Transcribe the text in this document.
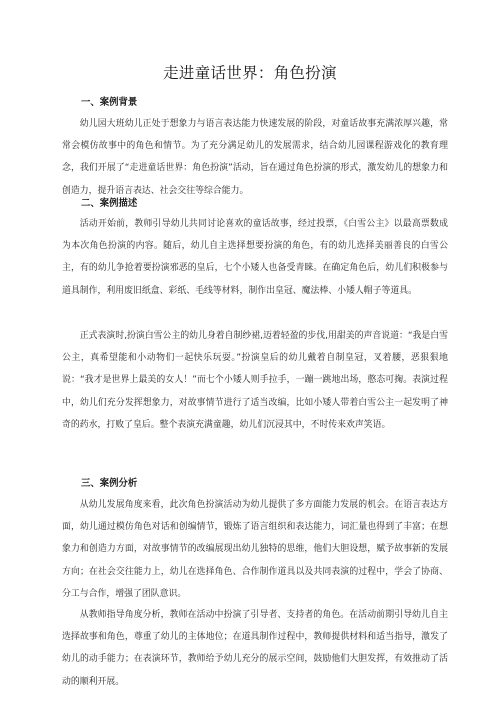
走进童话世界：角色扮演
一、案例背景

幼儿园大班幼儿正处于想象力与语言表达能力快速发展的阶段，对童话故事充满浓厚兴趣，常常会模仿故事中的角色和情节。为了充分满足幼儿的发展需求，结合幼儿园课程游戏化的教育理念，我们开展了“走进童话世界：角色扮演”活动，旨在通过角色扮演的形式，激发幼儿的想象力和创造力，提升语言表达、社会交往等综合能力。

二、案例描述

活动开始前，教师引导幼儿共同讨论喜欢的童话故事，经过投票，《白雪公主》以最高票数成为本次角色扮演的内容。随后，幼儿自主选择想要扮演的角色，有的幼儿选择美丽善良的白雪公主，有的幼儿争抢着要扮演邪恶的皇后，七个小矮人也备受青睐。在确定角色后，幼儿们积极参与道具制作，利用废旧纸盒、彩纸、毛线等材料，制作出皇冠、魔法棒、小矮人帽子等道具。

正式表演时,扮演白雪公主的幼儿身着自制纱裙,迈着轻盈的步伐,用甜美的声音说道：“我是白雪公主，真希望能和小动物们一起快乐玩耍。”扮演皇后的幼儿戴着自制皇冠，叉着腰，恶狠狠地说：“我才是世界上最美的女人！”而七个小矮人则手拉手，一蹦一跳地出场，憨态可掬。表演过程中，幼儿们充分发挥想象力，对故事情节进行了适当改编，比如小矮人带着白雪公主一起发明了神奇的药水，打败了皇后。整个表演充满童趣，幼儿们沉浸其中，不时传来欢声笑语。

三、案例分析

从幼儿发展角度来看，此次角色扮演活动为幼儿提供了多方面能力发展的机会。在语言表达方面，幼儿通过模仿角色对话和创编情节，锻炼了语言组织和表达能力，词汇量也得到了丰富；在想象力和创造力方面，对故事情节的改编展现出幼儿独特的思维，他们大胆设想，赋予故事新的发展方向；在社会交往能力上，幼儿在选择角色、合作制作道具以及共同表演的过程中，学会了协商、分工与合作，增强了团队意识。

从教师指导角度分析，教师在活动中扮演了引导者、支持者的角色。在活动前期引导幼儿自主选择故事和角色，尊重了幼儿的主体地位；在道具制作过程中，教师提供材料和适当指导，激发了幼儿的动手能力；在表演环节，教师给予幼儿充分的展示空间，鼓励他们大胆发挥，有效推动了活动的顺利开展。
